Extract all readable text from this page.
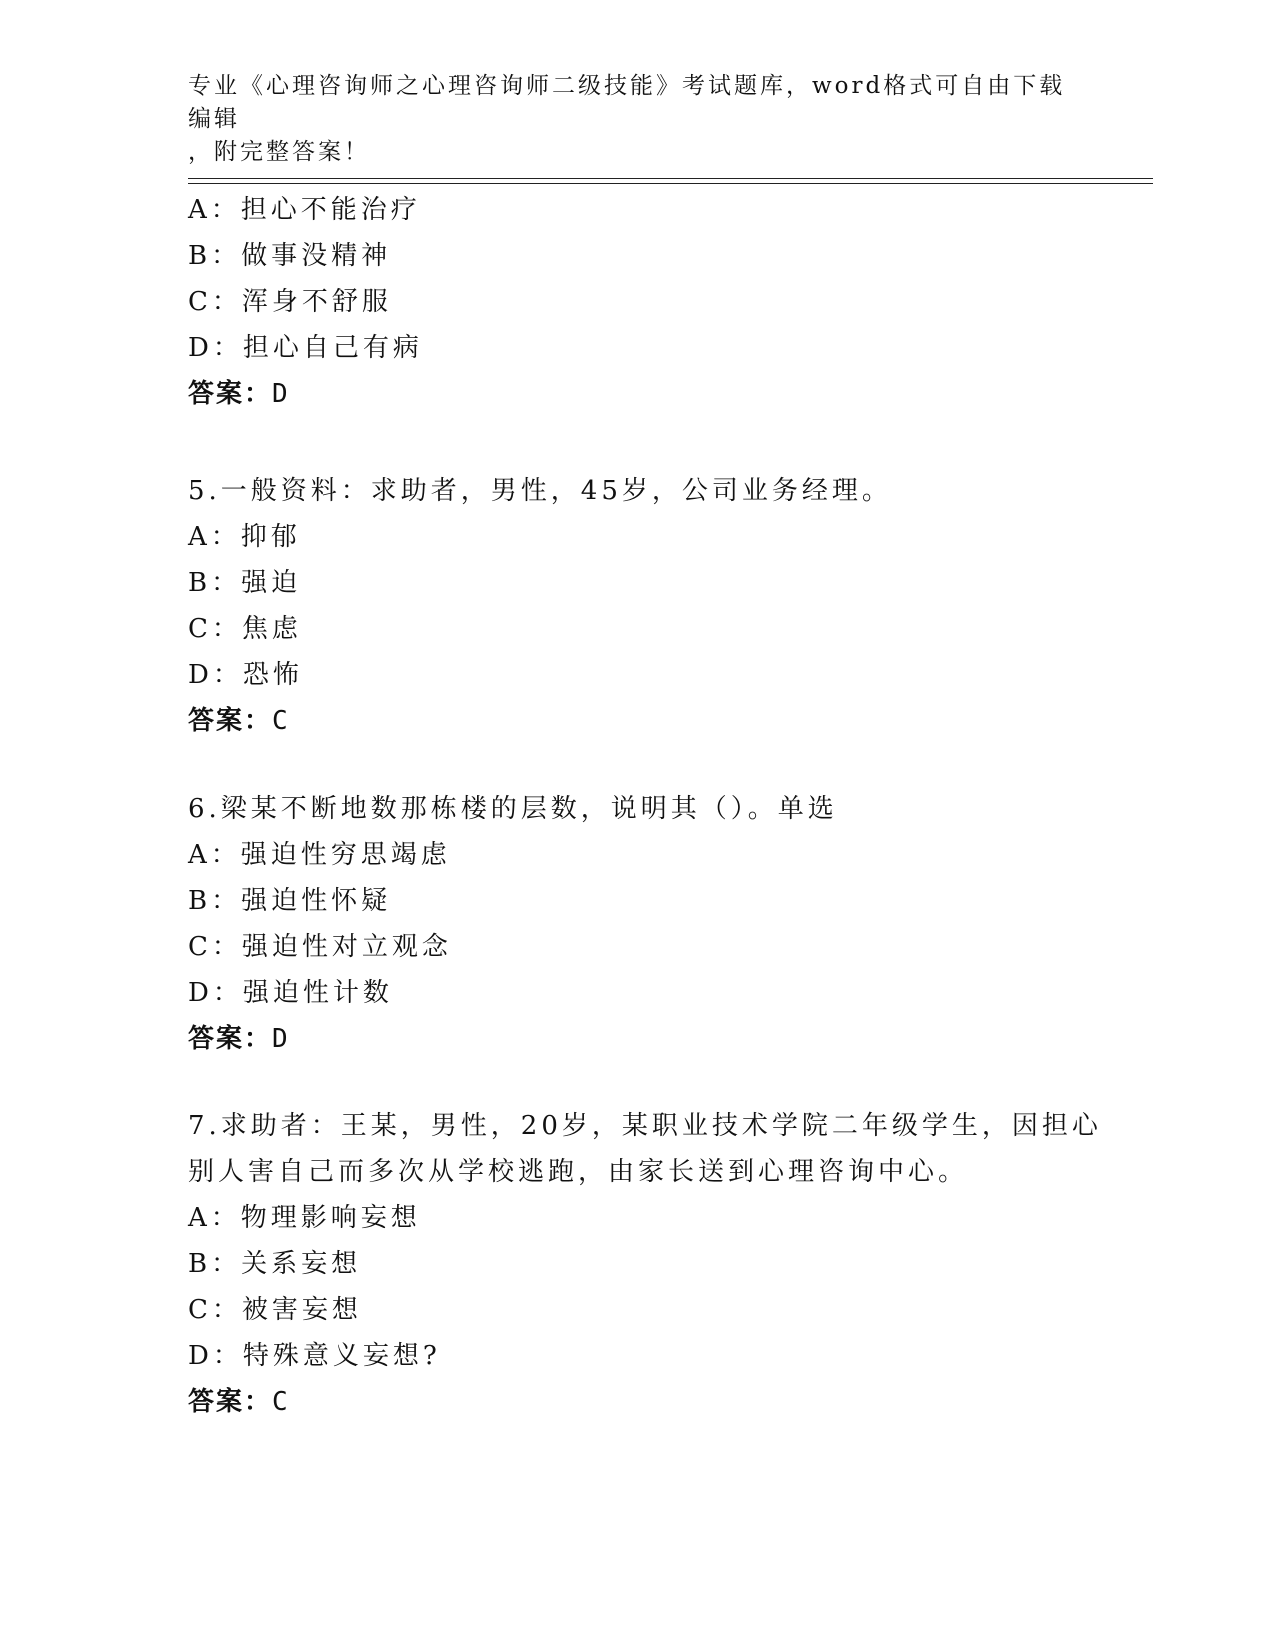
专业《心理咨询师之心理咨询师二级技能》考试题库，word格式可自由下载编辑
，附完整答案！
A：担心不能治疗
B：做事没精神
C：浑身不舒服
D：担心自己有病
答案：D
5.一般资料：求助者，男性，45岁，公司业务经理。
A：抑郁
B：强迫
C：焦虑
D：恐怖
答案：C
6.梁某不断地数那栋楼的层数，说明其（）。单选
A：强迫性穷思竭虑
B：强迫性怀疑
C：强迫性对立观念
D：强迫性计数
答案：D
7.求助者：王某，男性，20岁，某职业技术学院二年级学生，因担心
别人害自己而多次从学校逃跑，由家长送到心理咨询中心。
A：物理影响妄想
B：关系妄想
C：被害妄想
D：特殊意义妄想?
答案：C
